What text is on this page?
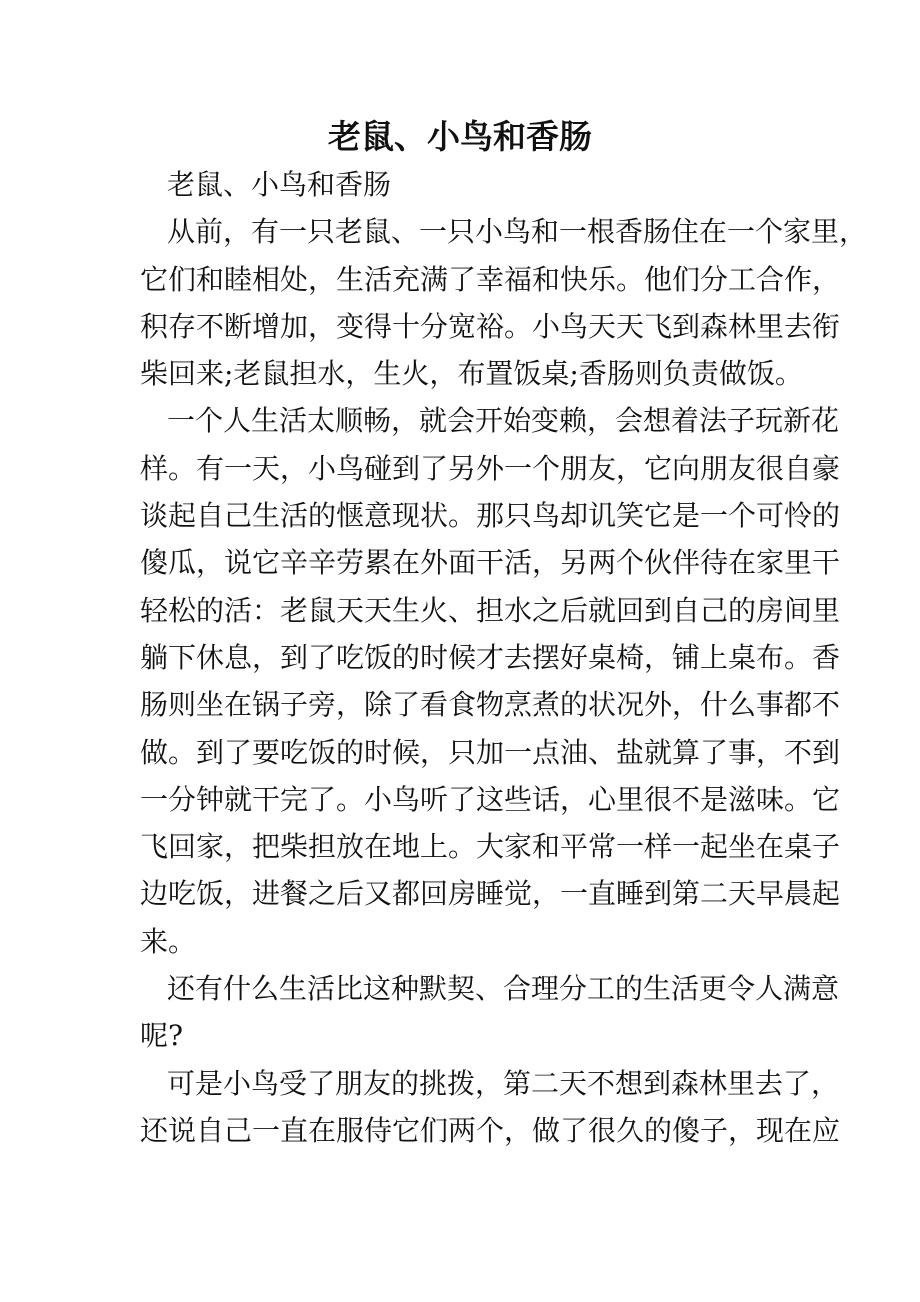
老鼠、小鸟和香肠
老鼠、小鸟和香肠
从前，有一只老鼠、一只小鸟和一根香肠住在一个家里，
它们和睦相处，生活充满了幸福和快乐。他们分工合作，
积存不断增加，变得十分宽裕。小鸟天天飞到森林里去衔
柴回来;老鼠担水，生火，布置饭桌;香肠则负责做饭。
一个人生活太顺畅，就会开始变赖，会想着法子玩新花
样。有一天，小鸟碰到了另外一个朋友，它向朋友很自豪
谈起自己生活的惬意现状。那只鸟却讥笑它是一个可怜的
傻瓜，说它辛辛劳累在外面干活，另两个伙伴待在家里干
轻松的活：老鼠天天生火、担水之后就回到自己的房间里
躺下休息，到了吃饭的时候才去摆好桌椅，铺上桌布。香
肠则坐在锅子旁，除了看食物烹煮的状况外，什么事都不
做。到了要吃饭的时候，只加一点油、盐就算了事，不到
一分钟就干完了。小鸟听了这些话，心里很不是滋味。它
飞回家，把柴担放在地上。大家和平常一样一起坐在桌子
边吃饭，进餐之后又都回房睡觉，一直睡到第二天早晨起
来。
还有什么生活比这种默契、合理分工的生活更令人满意
呢?
可是小鸟受了朋友的挑拨，第二天不想到森林里去了，
还说自己一直在服侍它们两个，做了很久的傻子，现在应
